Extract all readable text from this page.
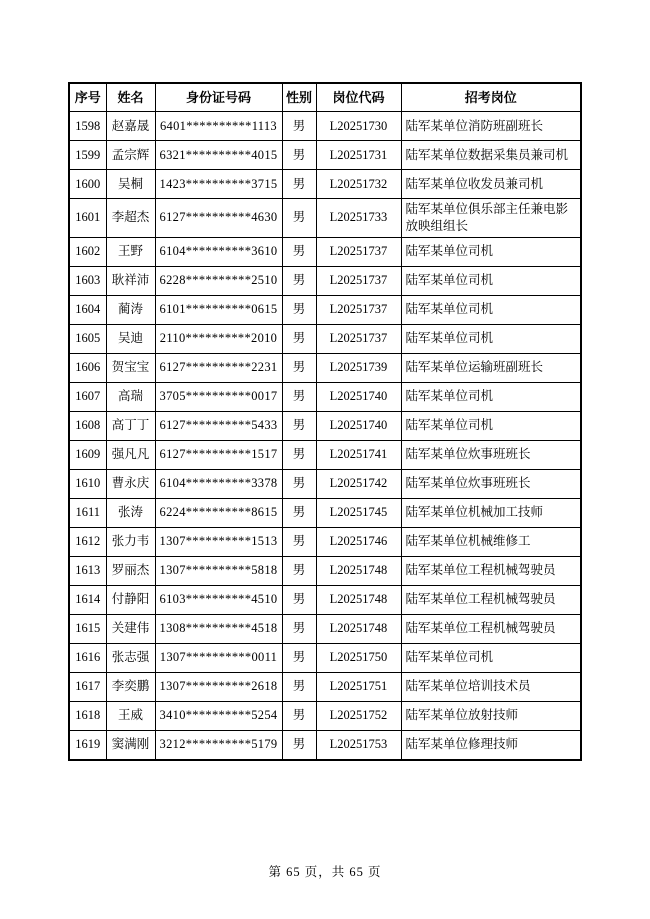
序号	姓名	身份证号码	性别	岗位代码	招考岗位
1598	赵嘉晟	6401**********1113	男	L20251730	陆军某单位消防班副班长
1599	孟宗辉	6321**********4015	男	L20251731	陆军某单位数据采集员兼司机
1600	吴桐	1423**********3715	男	L20251732	陆军某单位收发员兼司机
1601	李超杰	6127**********4630	男	L20251733	陆军某单位俱乐部主任兼电影放映组组长
1602	王野	6104**********3610	男	L20251737	陆军某单位司机
1603	耿祥沛	6228**********2510	男	L20251737	陆军某单位司机
1604	蔺涛	6101**********0615	男	L20251737	陆军某单位司机
1605	吴迪	2110**********2010	男	L20251737	陆军某单位司机
1606	贺宝宝	6127**********2231	男	L20251739	陆军某单位运输班副班长
1607	高瑞	3705**********0017	男	L20251740	陆军某单位司机
1608	高丁丁	6127**********5433	男	L20251740	陆军某单位司机
1609	强凡凡	6127**********1517	男	L20251741	陆军某单位炊事班班长
1610	曹永庆	6104**********3378	男	L20251742	陆军某单位炊事班班长
1611	张涛	6224**********8615	男	L20251745	陆军某单位机械加工技师
1612	张力韦	1307**********1513	男	L20251746	陆军某单位机械维修工
1613	罗丽杰	1307**********5818	男	L20251748	陆军某单位工程机械驾驶员
1614	付静阳	6103**********4510	男	L20251748	陆军某单位工程机械驾驶员
1615	关建伟	1308**********4518	男	L20251748	陆军某单位工程机械驾驶员
1616	张志强	1307**********0011	男	L20251750	陆军某单位司机
1617	李奕鹏	1307**********2618	男	L20251751	陆军某单位培训技术员
1618	王威	3410**********5254	男	L20251752	陆军某单位放射技师
1619	窦满刚	3212**********5179	男	L20251753	陆军某单位修理技师
第 65 页，共 65 页
